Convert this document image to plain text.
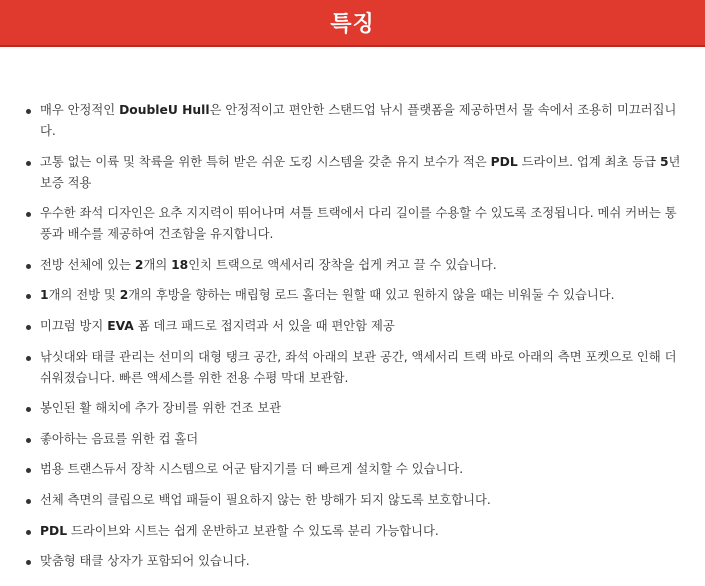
특징
매우 안정적인 DoubleU Hull은 안정적이고 편안한 스탠드업 낚시 플랫폼을 제공하면서 물 속에서 조용히 미끄러집니다.
고통 없는 이륙 및 착륙을 위한 특허 받은 쉬운 도킹 시스템을 갖춘 유지 보수가 적은 PDL 드라이브. 업계 최초 등급 5년 보증 적용
우수한 좌석 디자인은 요추 지지력이 뛰어나며 셔틀 트랙에서 다리 길이를 수용할 수 있도록 조정됩니다. 메쉬 커버는 통풍과 배수를 제공하여 건조함을 유지합니다.
전방 선체에 있는 2개의 18인치 트랙으로 액세서리 장착을 쉽게 켜고 끌 수 있습니다.
1개의 전방 및 2개의 후방을 향하는 매립형 로드 홀더는 원할 때 있고 원하지 않을 때는 비워둘 수 있습니다.
미끄럼 방지 EVA 폼 데크 패드로 접지력과 서 있을 때 편안함 제공
낚싯대와 태클 관리는 선미의 대형 탱크 공간, 좌석 아래의 보관 공간, 액세서리 트랙 바로 아래의 측면 포켓으로 인해 더 쉬워졌습니다. 빠른 액세스를 위한 전용 수평 막대 보관함.
봉인된 활 해치에 추가 장비를 위한 건조 보관
좋아하는 음료를 위한 컵 홀더
범용 트랜스듀서 장착 시스템으로 어군 탐지기를 더 빠르게 설치할 수 있습니다.
선체 측면의 클립으로 백업 패들이 필요하지 않는 한 방해가 되지 않도록 보호합니다.
PDL 드라이브와 시트는 쉽게 운반하고 보관할 수 있도록 분리 가능합니다.
맞춤형 태클 상자가 포함되어 있습니다.
